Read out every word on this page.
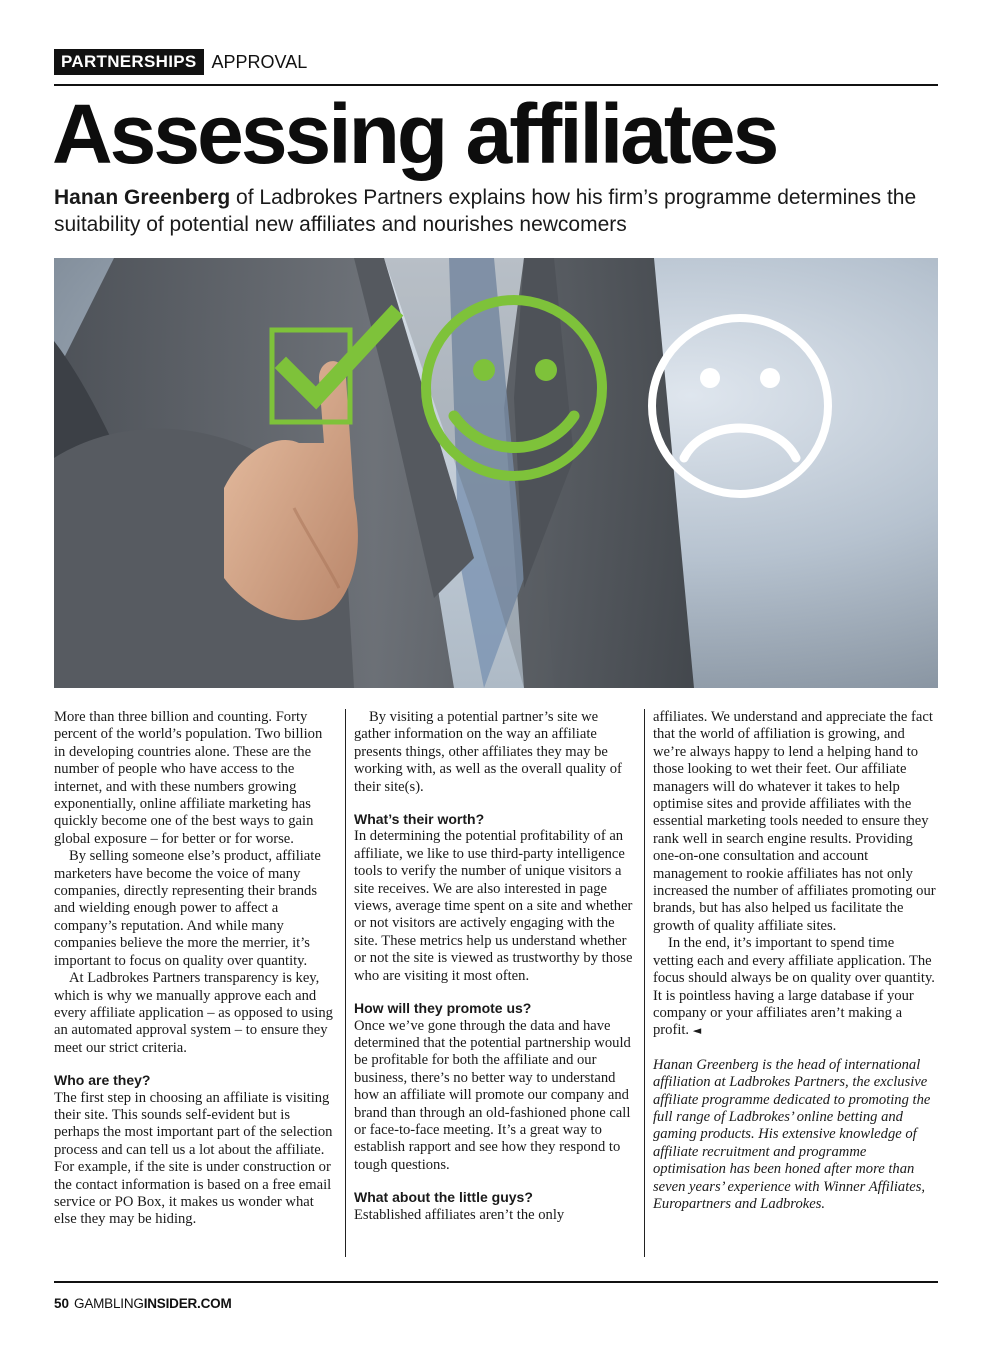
PARTNERSHIPS APPROVAL
Assessing affiliates

Hanan Greenberg of Ladbrokes Partners explains how his firm’s programme determines the suitability of potential new affiliates and nourishes newcomers

More than three billion and counting. Forty percent of the world’s population. Two billion in developing countries alone. These are the number of people who have access to the internet, and with these numbers growing exponentially, online affiliate marketing has quickly become one of the best ways to gain global exposure – for better or for worse.

By selling someone else’s product, affiliate marketers have become the voice of many companies, directly representing their brands and wielding enough power to affect a company’s reputation. And while many companies believe the more the merrier, it’s important to focus on quality over quantity.

At Ladbrokes Partners transparency is key, which is why we manually approve each and every affiliate application – as opposed to using an automated approval system – to ensure they meet our strict criteria.

Who are they?

The first step in choosing an affiliate is visiting their site. This sounds self-evident but is perhaps the most important part of the selection process and can tell us a lot about the affiliate. For example, if the site is under construction or the contact information is based on a free email service or PO Box, it makes us wonder what else they may be hiding.

By visiting a potential partner’s site we gather information on the way an affiliate presents things, other affiliates they may be working with, as well as the overall quality of their site(s).

What’s their worth?

In determining the potential profitability of an affiliate, we like to use third-party intelligence tools to verify the number of unique visitors a site receives. We are also interested in page views, average time spent on a site and whether or not visitors are actively engaging with the site. These metrics help us understand whether or not the site is viewed as trustworthy by those who are visiting it most often.

How will they promote us?

Once we’ve gone through the data and have determined that the potential partnership would be profitable for both the affiliate and our business, there’s no better way to understand how an affiliate will promote our company and brand than through an old-fashioned phone call or face-to-face meeting. It’s a great way to establish rapport and see how they respond to tough questions.

What about the little guys?

Established affiliates aren’t the only

affiliates. We understand and appreciate the fact that the world of affiliation is growing, and we’re always happy to lend a helping hand to those looking to wet their feet. Our affiliate managers will do whatever it takes to help optimise sites and provide affiliates with the essential marketing tools needed to ensure they rank well in search engine results. Providing one-on-one consultation and account management to rookie affiliates has not only increased the number of affiliates promoting our brands, but has also helped us facilitate the growth of quality affiliate sites.

In the end, it’s important to spend time vetting each and every affiliate application. The focus should always be on quality over quantity. It is pointless having a large database if your company or your affiliates aren’t making a profit. ◄

Hanan Greenberg is the head of international affiliation at Ladbrokes Partners, the exclusive affiliate programme dedicated to promoting the full range of Ladbrokes’ online betting and gaming products. His extensive knowledge of affiliate recruitment and programme optimisation has been honed after more than seven years’ experience with Winner Affiliates, Europartners and Ladbrokes.

50 GAMBLING INSIDER.COM
